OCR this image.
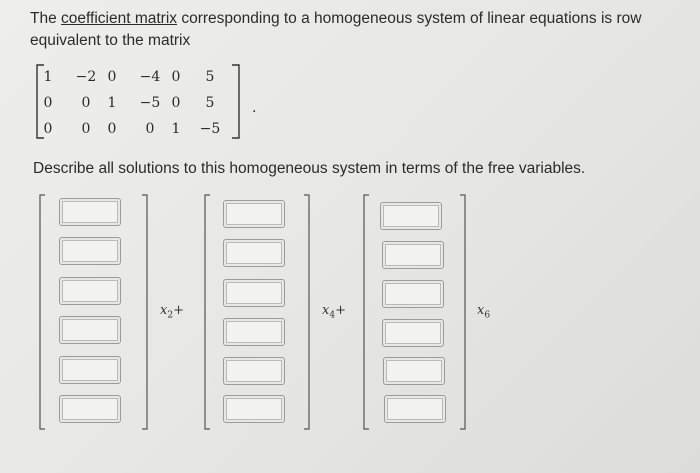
The coefficient matrix corresponding to a homogeneous system of linear equations is row equivalent to the matrix
1 −2 0 −4 0 5
0 0 1 −5 0 5
0 0 0 0 1 −5
.
Describe all solutions to this homogeneous system in terms of the free variables.
$x_2+$	$x_4+$	$x_6$
